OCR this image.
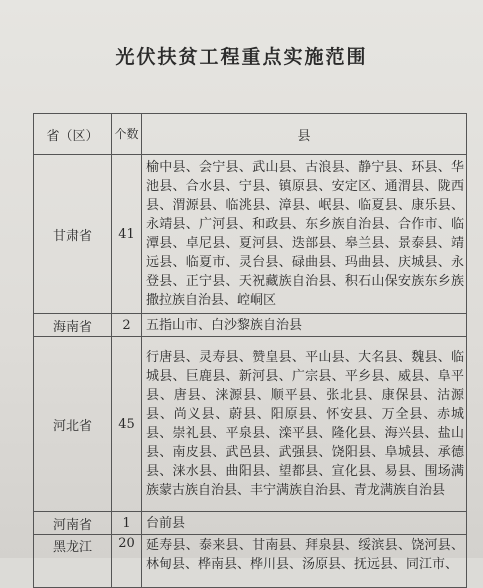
光伏扶贫工程重点实施范围
省（区）	个数	县
甘肃省	41	榆中县、会宁县、武山县、古浪县、静宁县、环县、华池县、合水县、宁县、镇原县、安定区、通渭县、陇西县、渭源县、临洮县、漳县、岷县、临夏县、康乐县、永靖县、广河县、和政县、东乡族自治县、合作市、临潭县、卓尼县、夏河县、迭部县、皋兰县、景泰县、靖远县、临夏市、灵台县、碌曲县、玛曲县、庆城县、永登县、正宁县、天祝藏族自治县、积石山保安族东乡族撒拉族自治县、崆峒区
海南省	2	五指山市、白沙黎族自治县
河北省	45	行唐县、灵寿县、赞皇县、平山县、大名县、魏县、临城县、巨鹿县、新河县、广宗县、平乡县、威县、阜平县、唐县、涞源县、顺平县、张北县、康保县、沽源县、尚义县、蔚县、阳原县、怀安县、万全县、赤城县、崇礼县、平泉县、滦平县、隆化县、海兴县、盐山县、南皮县、武邑县、武强县、饶阳县、阜城县、承德县、涞水县、曲阳县、望都县、宣化县、易县、围场满族蒙古族自治县、丰宁满族自治县、青龙满族自治县
河南省	1	台前县
黑龙江	20	延寿县、泰来县、甘南县、拜泉县、绥滨县、饶河县、林甸县、桦南县、桦川县、汤原县、抚远县、同江市、
